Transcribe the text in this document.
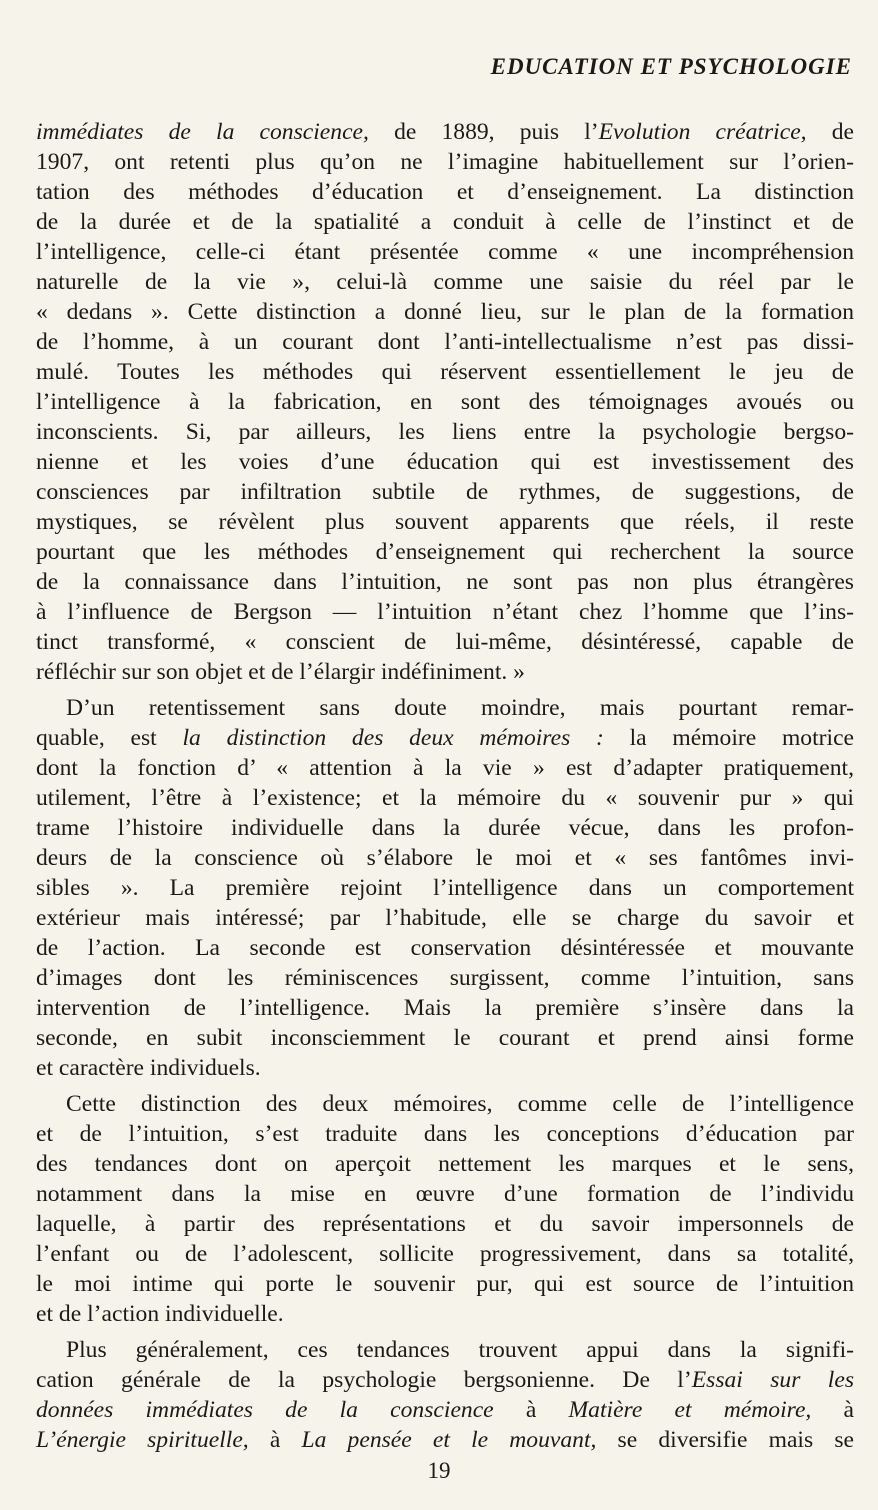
EDUCATION ET PSYCHOLOGIE
immédiates de la conscience, de 1889, puis l’Evolution créatrice, de
1907, ont retenti plus qu’on ne l’imagine habituellement sur l’orien-
tation des méthodes d’éducation et d’enseignement. La distinction
de la durée et de la spatialité a conduit à celle de l’instinct et de
l’intelligence, celle-ci étant présentée comme « une incompréhension
naturelle de la vie », celui-là comme une saisie du réel par le
« dedans ». Cette distinction a donné lieu, sur le plan de la formation
de l’homme, à un courant dont l’anti-intellectualisme n’est pas dissi-
mulé. Toutes les méthodes qui réservent essentiellement le jeu de
l’intelligence à la fabrication, en sont des témoignages avoués ou
inconscients. Si, par ailleurs, les liens entre la psychologie bergso-
nienne et les voies d’une éducation qui est investissement des
consciences par infiltration subtile de rythmes, de suggestions, de
mystiques, se révèlent plus souvent apparents que réels, il reste
pourtant que les méthodes d’enseignement qui recherchent la source
de la connaissance dans l’intuition, ne sont pas non plus étrangères
à l’influence de Bergson — l’intuition n’étant chez l’homme que l’ins-
tinct transformé, « conscient de lui-même, désintéressé, capable de
réfléchir sur son objet et de l’élargir indéfiniment. »
D’un retentissement sans doute moindre, mais pourtant remar-
quable, est la distinction des deux mémoires : la mémoire motrice
dont la fonction d’ « attention à la vie » est d’adapter pratiquement,
utilement, l’être à l’existence; et la mémoire du « souvenir pur » qui
trame l’histoire individuelle dans la durée vécue, dans les profon-
deurs de la conscience où s’élabore le moi et « ses fantômes invi-
sibles ». La première rejoint l’intelligence dans un comportement
extérieur mais intéressé; par l’habitude, elle se charge du savoir et
de l’action. La seconde est conservation désintéressée et mouvante
d’images dont les réminiscences surgissent, comme l’intuition, sans
intervention de l’intelligence. Mais la première s’insère dans la
seconde, en subit inconsciemment le courant et prend ainsi forme
et caractère individuels.
Cette distinction des deux mémoires, comme celle de l’intelligence
et de l’intuition, s’est traduite dans les conceptions d’éducation par
des tendances dont on aperçoit nettement les marques et le sens,
notamment dans la mise en œuvre d’une formation de l’individu
laquelle, à partir des représentations et du savoir impersonnels de
l’enfant ou de l’adolescent, sollicite progressivement, dans sa totalité,
le moi intime qui porte le souvenir pur, qui est source de l’intuition
et de l’action individuelle.
Plus généralement, ces tendances trouvent appui dans la signifi-
cation générale de la psychologie bergsonienne. De l’Essai sur les
données immédiates de la conscience à Matière et mémoire, à
L’énergie spirituelle, à La pensée et le mouvant, se diversifie mais se
19
